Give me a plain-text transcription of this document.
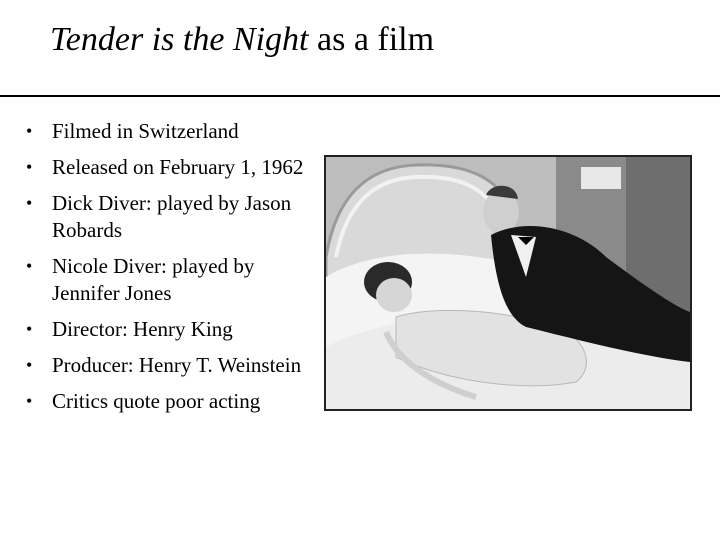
Tender is the Night as a film
• Filmed in Switzerland
• Released on February 1, 1962
• Dick Diver: played by Jason Robards
• Nicole Diver: played by Jennifer Jones
• Director: Henry King
• Producer: Henry T. Weinstein
• Critics quote poor acting
